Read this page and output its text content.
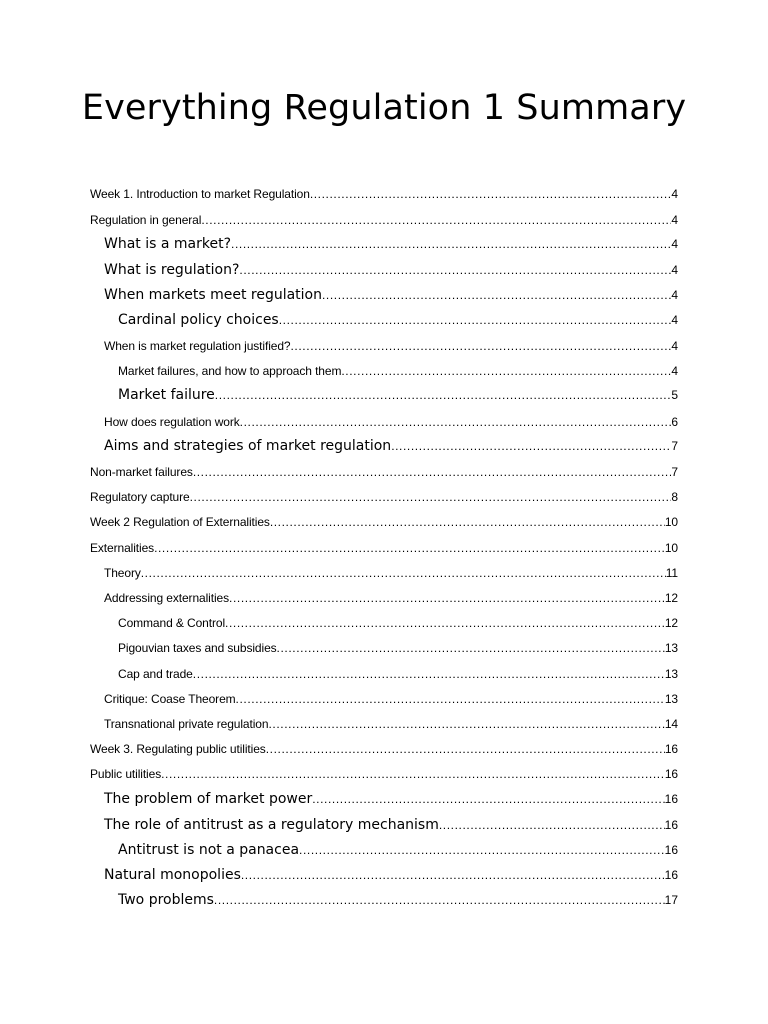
Everything Regulation 1 Summary
Week 1. Introduction to market Regulation .....	4
Regulation in general .....	4
What is a market? .....	4
What is regulation? .....	4
When markets meet regulation .....	4
Cardinal policy choices .....	4
When is market regulation justified? .....	4
Market failures, and how to approach them .....	4
Market failure .....	5
How does regulation work .....	6
Aims and strategies of market regulation .....	7
Non-market failures .....	7
Regulatory capture .....	8
Week 2 Regulation of Externalities .....	10
Externalities .....	10
Theory .....	11
Addressing externalities .....	12
Command & Control .....	12
Pigouvian taxes and subsidies .....	13
Cap and trade .....	13
Critique: Coase Theorem .....	13
Transnational private regulation .....	14
Week 3. Regulating public utilities .....	16
Public utilities .....	16
The problem of market power .....	16
The role of antitrust as a regulatory mechanism .....	16
Antitrust is not a panacea .....	16
Natural monopolies .....	16
Two problems .....	17
